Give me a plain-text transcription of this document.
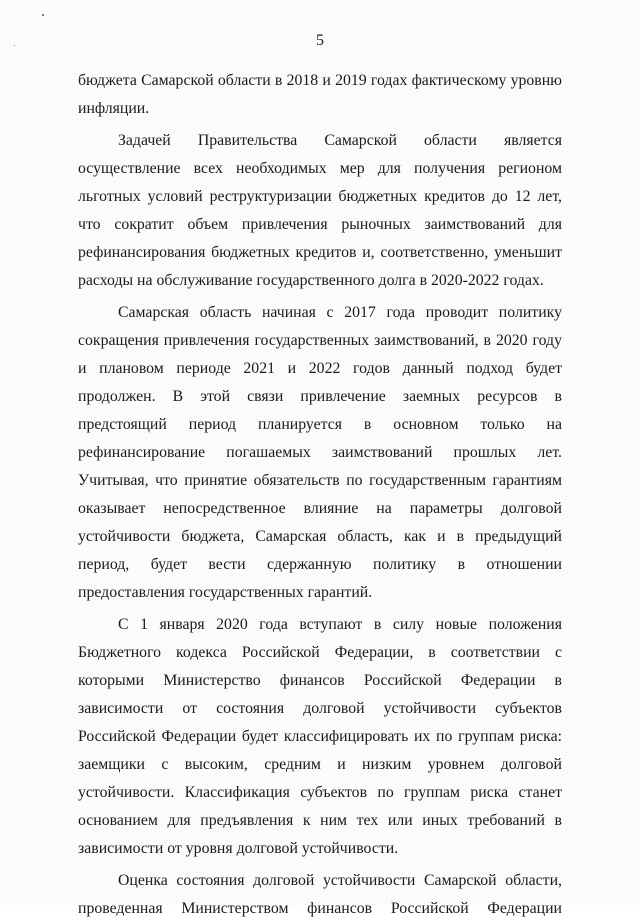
5

бюджета Самарской области в 2018 и 2019 годах фактическому уровню инфляции.

Задачей Правительства Самарской области является осуществление всех необходимых мер для получения регионом льготных условий реструктуризации бюджетных кредитов до 12 лет, что сократит объем привлечения рыночных заимствований для рефинансирования бюджетных кредитов и, соответственно, уменьшит расходы на обслуживание государственного долга в 2020-2022 годах.

Самарская область начиная с 2017 года проводит политику сокращения привлечения государственных заимствований, в 2020 году и плановом периоде 2021 и 2022 годов данный подход будет продолжен. В этой связи привлечение заемных ресурсов в предстоящий период планируется в основном только на рефинансирование погашаемых заимствований прошлых лет. Учитывая, что принятие обязательств по государственным гарантиям оказывает непосредственное влияние на параметры долговой устойчивости бюджета, Самарская область, как и в предыдущий период, будет вести сдержанную политику в отношении предоставления государственных гарантий.

С 1 января 2020 года вступают в силу новые положения Бюджетного кодекса Российской Федерации, в соответствии с которыми Министерство финансов Российской Федерации в зависимости от состояния долговой устойчивости субъектов Российской Федерации будет классифицировать их по группам риска: заемщики с высоким, средним и низким уровнем долговой устойчивости. Классификация субъектов по группам риска станет основанием для предъявления к ним тех или иных требований в зависимости от уровня долговой устойчивости.

Оценка состояния долговой устойчивости Самарской области, проведенная Министерством финансов Российской Федерации
